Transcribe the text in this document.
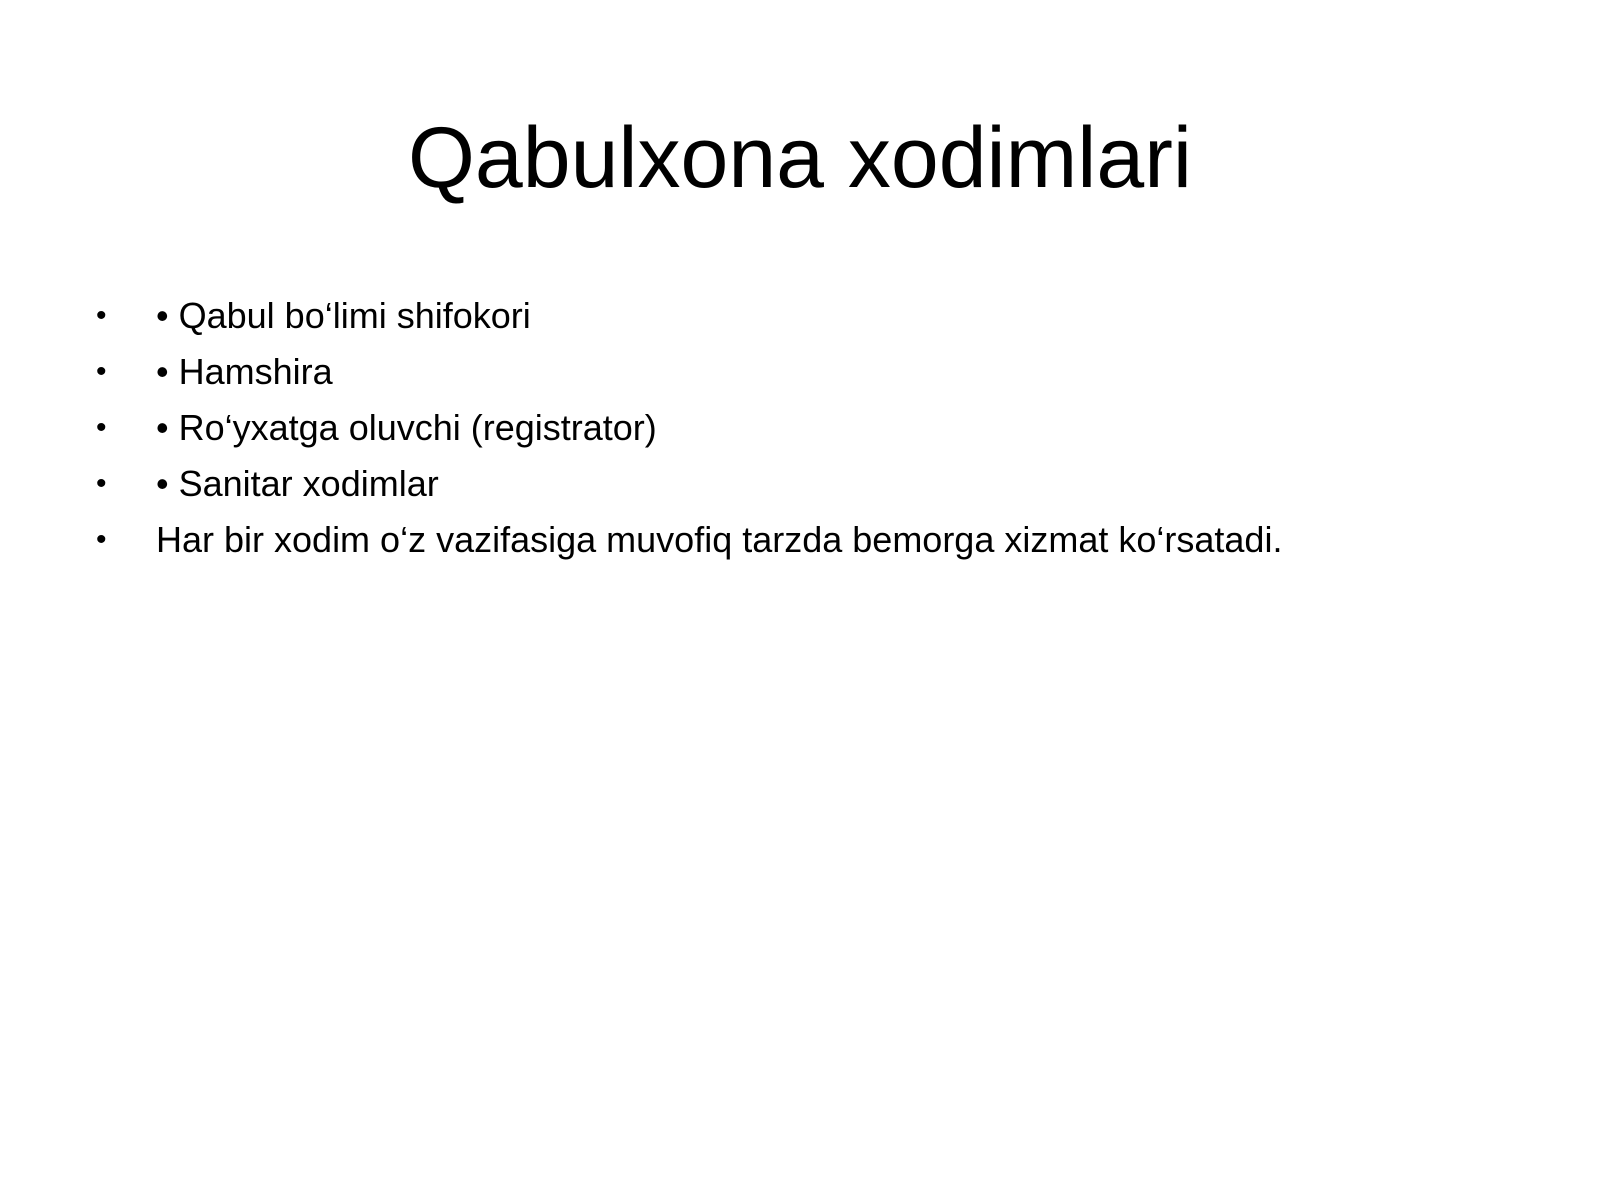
Qabulxona xodimlari
• • Qabul bo‘limi shifokori
• • Hamshira
• • Ro‘yxatga oluvchi (registrator)
• • Sanitar xodimlar
• Har bir xodim o‘z vazifasiga muvofiq tarzda bemorga xizmat ko‘rsatadi.
